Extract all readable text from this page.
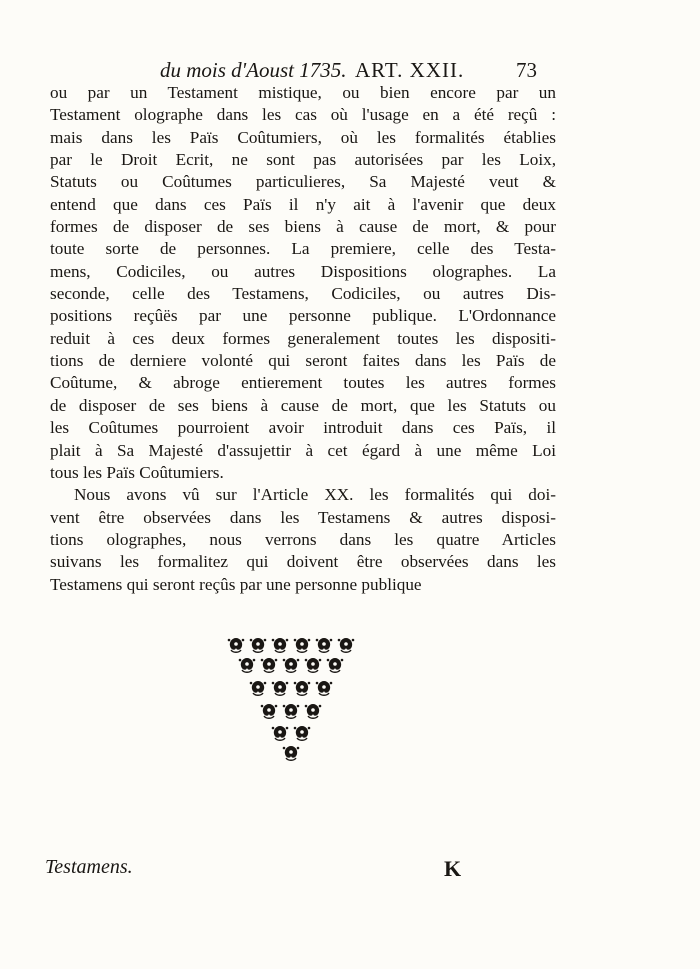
du mois d'Aoust 1735. ART. XXII. 73
ou par un Testament mistique, ou bien encore par un
Testament olographe dans les cas où l'usage en a été reçû :
mais dans les Païs Coûtumiers, où les formalités établies
par le Droit Ecrit, ne sont pas autorisées par les Loix,
Statuts ou Coûtumes particulieres, Sa Majesté veut &
entend que dans ces Païs il n'y ait à l'avenir que deux
formes de disposer de ses biens à cause de mort, & pour
toute sorte de personnes. La premiere, celle des Testa-
mens, Codiciles, ou autres Dispositions olographes. La
seconde, celle des Testamens, Codiciles, ou autres Dis-
positions reçûës par une personne publique. L'Ordonnance
reduit à ces deux formes generalement toutes les dispositi-
tions de derniere volonté qui seront faites dans les Païs de
Coûtume, & abroge entierement toutes les autres formes
de disposer de ses biens à cause de mort, que les Statuts ou
les Coûtumes pourroient avoir introduit dans ces Païs, il
plait à Sa Majesté d'assujettir à cet égard à une même Loi
tous les Païs Coûtumiers.
Nous avons vû sur l'Article XX. les formalités qui doi-
vent être observées dans les Testamens & autres disposi-
tions olographes, nous verrons dans les quatre Articles
suivans les formalitez qui doivent être observées dans les
Testamens qui seront reçûs par une personne publique
Testamens.	K
